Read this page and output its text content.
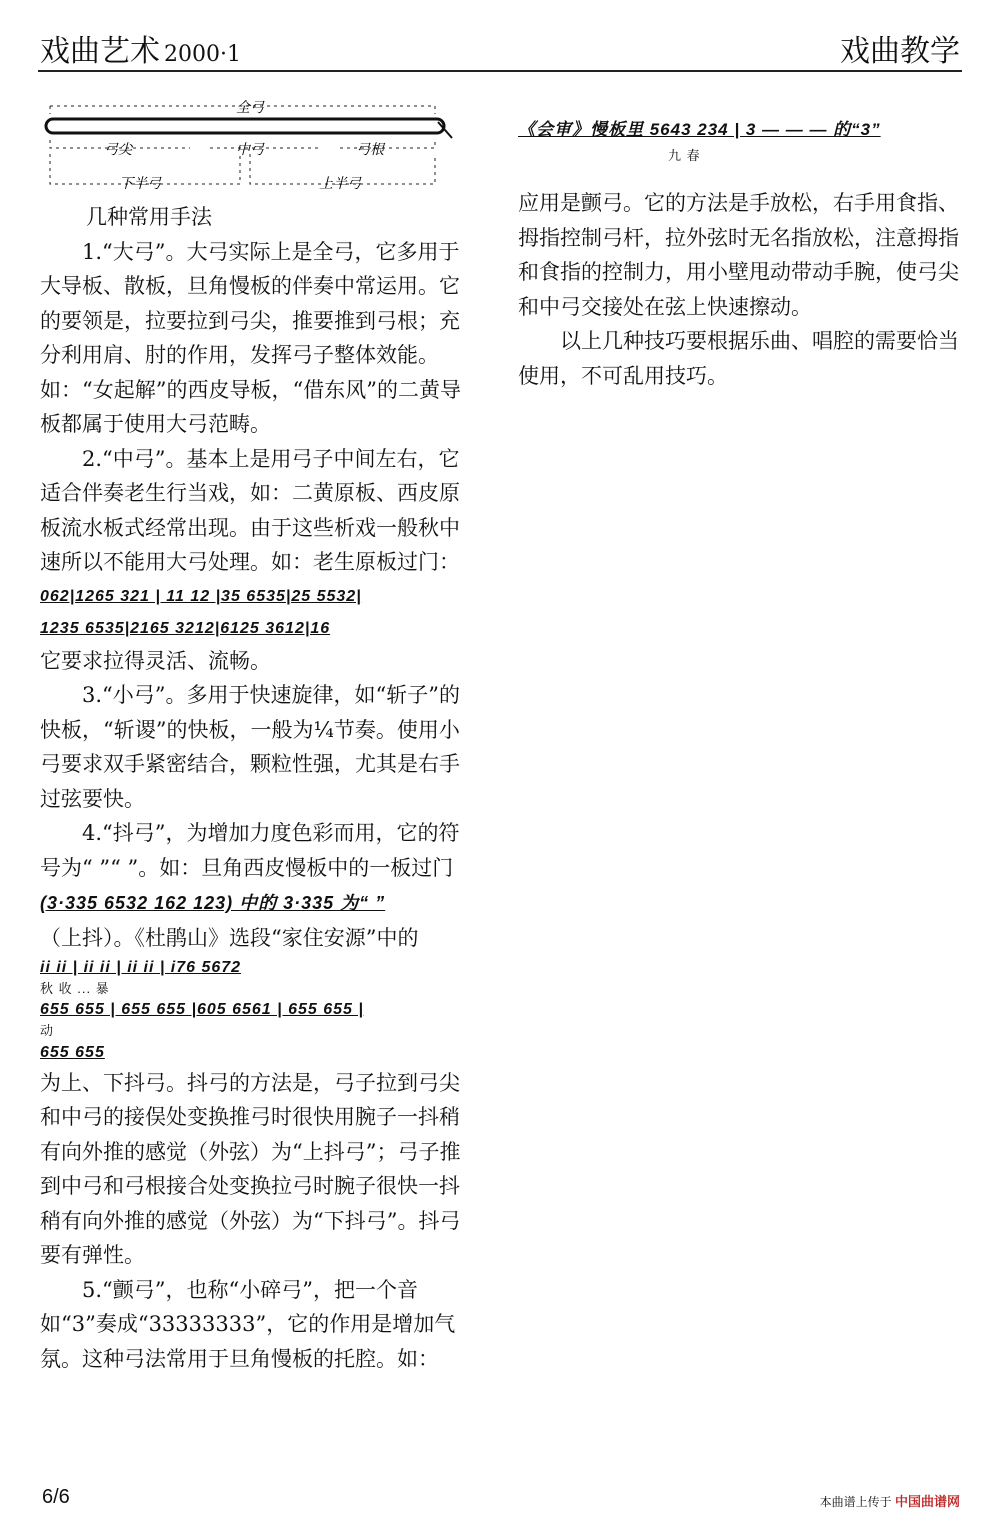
戏曲艺术 2000·1	戏曲教学
全弓
弓尖	中弓	弓根
下半弓	上半弓

几种常用手法

1.“大弓”。大弓实际上是全弓，它多用于大导板、散板，旦角慢板的伴奏中常运用。它的要领是，拉要拉到弓尖，推要推到弓根；充分利用肩、肘的作用，发挥弓子整体效能。如：“女起解”的西皮导板，“借东风”的二黄导板都属于使用大弓范畴。

2.“中弓”。基本上是用弓子中间左右，它适合伴奏老生行当戏，如：二黄原板、西皮原板流水板式经常出现。由于这些析戏一般秋中速所以不能用大弓处理。如：老生原板过门：

062|1265 321 | 11 12 |35 6535|25 5532|
1235 6535|2165 3212|6125 3612|16

它要求拉得灵活、流畅。

3.“小弓”。多用于快速旋律，如“斩子”的快板，“斩谡”的快板，一般为¼节奏。使用小弓要求双手紧密结合，颗粒性强，尤其是右手过弦要快。

4.“抖弓”，为增加力度色彩而用，它的符号为“ ”“ ”。如：旦角西皮慢板中的一板过门

(3·335 6532 162 123) 中的 3·335 为“ ”

（上抖）。《杜鹃山》选段“家住安源”中的

ii ii | ii ii | ii ii | i76 5672
秋 收 ... 暴
655 655 | 655 655 |605 6561 | 655 655 |
动
655 655

为上、下抖弓。抖弓的方法是，弓子拉到弓尖和中弓的接俣处变换推弓时很快用腕子一抖稍有向外推的感觉（外弦）为“上抖弓”；弓子推到中弓和弓根接合处变换拉弓时腕子很快一抖稍有向外推的感觉（外弦）为“下抖弓”。抖弓要有弹性。

5.“颤弓”，也称“小碎弓”，把一个音如“3”奏成“33333333”，它的作用是增加气氛。这种弓法常用于旦角慢板的托腔。如：

《会审》慢板里 5643 234 | 3 — — — 的“3”
九 春

应用是颤弓。它的方法是手放松，右手用食指、拇指控制弓杆，拉外弦时无名指放松，注意拇指和食指的控制力，用小壁甩动带动手腕，使弓尖和中弓交接处在弦上快速擦动。

以上几种技巧要根据乐曲、唱腔的需要恰当使用，不可乱用技巧。

6/6	本曲谱上传于 中国曲谱网
